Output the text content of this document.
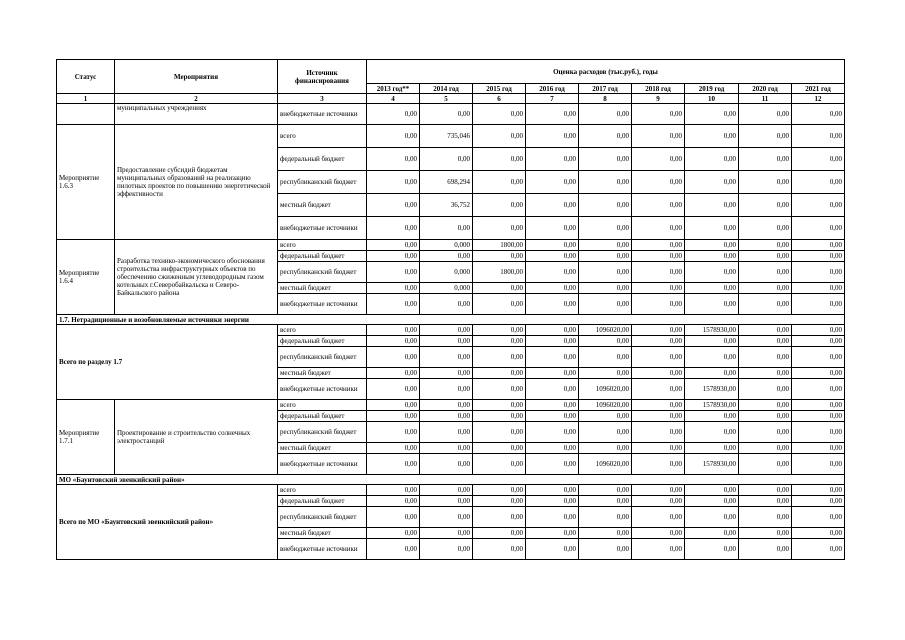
Статус	Мероприятия	Источник финансирования	Оценка расходов (тыс.руб.), годы								
			2013 год**	2014 год	2015 год	2016 год	2017 год	2018 год	2019 год	2020 год	2021 год
1	2	3	4	5	6	7	8	9	10	11	12
	муниципальных учреждениях	внебюджетные источники	0,00	0,00	0,00	0,00	0,00	0,00	0,00	0,00	0,00
Мероприятие 1.6.3	Предоставление субсидий бюджетам муниципальных образований на реализацию пилотных проектов по повышению энергетической эффективности	всего	0,00	735,046	0,00	0,00	0,00	0,00	0,00	0,00	0,00
		федеральный бюджет	0,00	0,00	0,00	0,00	0,00	0,00	0,00	0,00	0,00
		республиканский бюджет	0,00	698,294	0,00	0,00	0,00	0,00	0,00	0,00	0,00
		местный бюджет	0,00	36,752	0,00	0,00	0,00	0,00	0,00	0,00	0,00
		внебюджетные источники	0,00	0,00	0,00	0,00	0,00	0,00	0,00	0,00	0,00
Мероприятие 1.6.4	Разработка технико-экономического обоснования строительства инфраструктурных объектов по обеспечению сжиженным углеводородным газом котельных г.Северобайкальска и Северо-Байкальского района	всего	0,00	0,000	1800,00	0,00	0,00	0,00	0,00	0,00	0,00
		федеральный бюджет	0,00	0,00	0,00	0,00	0,00	0,00	0,00	0,00	0,00
		республиканский бюджет	0,00	0,000	1800,00	0,00	0,00	0,00	0,00	0,00	0,00
		местный бюджет	0,00	0,000	0,00	0,00	0,00	0,00	0,00	0,00	0,00
		внебюджетные источники	0,00	0,00	0,00	0,00	0,00	0,00	0,00	0,00	0,00
1.7. Нетрадиционные и возобновляемые источники энергии											
Всего по разделу 1.7		всего	0,00	0,00	0,00	0,00	1096020,00	0,00	1578930,00	0,00	0,00
		федеральный бюджет	0,00	0,00	0,00	0,00	0,00	0,00	0,00	0,00	0,00
		республиканский бюджет	0,00	0,00	0,00	0,00	0,00	0,00	0,00	0,00	0,00
		местный бюджет	0,00	0,00	0,00	0,00	0,00	0,00	0,00	0,00	0,00
		внебюджетные источники	0,00	0,00	0,00	0,00	1096020,00	0,00	1578930,00	0,00	0,00
Мероприятие 1.7.1	Проектирование и строительство солнечных электростанций	всего	0,00	0,00	0,00	0,00	1096020,00	0,00	1578930,00	0,00	0,00
		федеральный бюджет	0,00	0,00	0,00	0,00	0,00	0,00	0,00	0,00	0,00
		республиканский бюджет	0,00	0,00	0,00	0,00	0,00	0,00	0,00	0,00	0,00
		местный бюджет	0,00	0,00	0,00	0,00	0,00	0,00	0,00	0,00	0,00
		внебюджетные источники	0,00	0,00	0,00	0,00	1096020,00	0,00	1578930,00	0,00	0,00
МО «Баунтовский эвенкийский район»											
Всего по МО «Баунтовский эвенкийский район»		всего	0,00	0,00	0,00	0,00	0,00	0,00	0,00	0,00	0,00
		федеральный бюджет	0,00	0,00	0,00	0,00	0,00	0,00	0,00	0,00	0,00
		республиканский бюджет	0,00	0,00	0,00	0,00	0,00	0,00	0,00	0,00	0,00
		местный бюджет	0,00	0,00	0,00	0,00	0,00	0,00	0,00	0,00	0,00
		внебюджетные источники	0,00	0,00	0,00	0,00	0,00	0,00	0,00	0,00	0,00
